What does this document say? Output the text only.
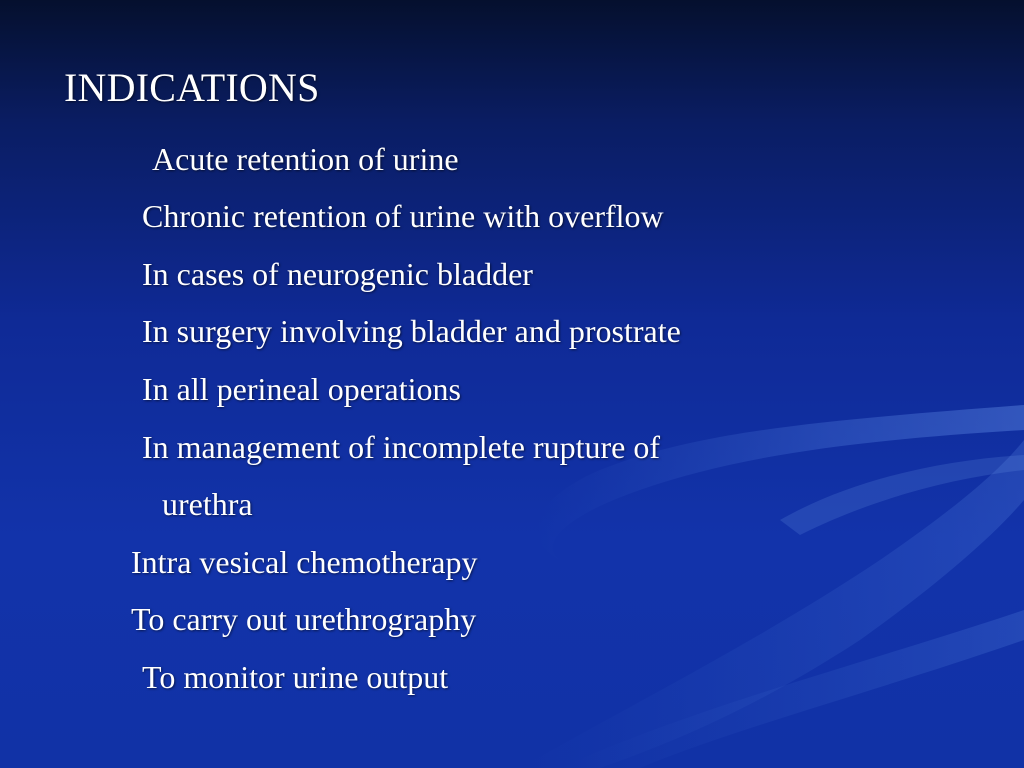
INDICATIONS

Acute retention of urine

Chronic retention of urine with overflow

In cases of neurogenic bladder

In surgery involving bladder and prostrate

In all perineal operations

In management of incomplete rupture of

urethra

Intra vesical chemotherapy

To carry out urethrography

To monitor urine output
